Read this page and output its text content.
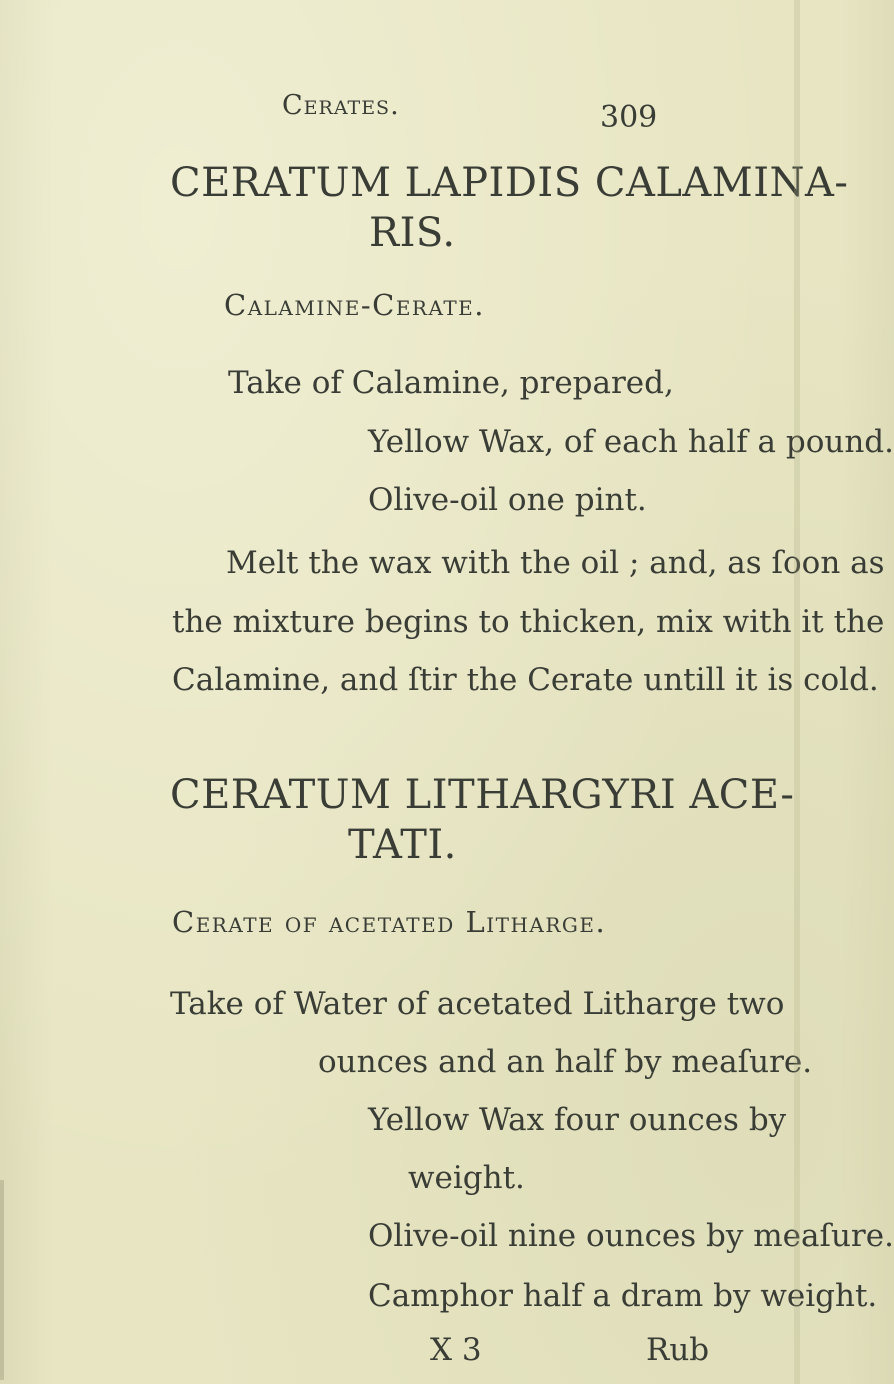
Cerates.	309
CERATUM LAPIDIS CALAMINA-
RIS.
Calamine-Cerate.
Take of Calamine, prepared,
Yellow Wax, of each half a pound.
Olive-oil one pint.
Melt the wax with the oil ; and, as ſoon as
the mixture begins to thicken, mix with it the
Calamine, and ſtir the Cerate untill it is cold.
CERATUM LITHARGYRI ACE-
TATI.
Cerate of acetated Litharge.
Take of Water of acetated Litharge two
ounces and an half by meaſure.
Yellow Wax four ounces by
weight.
Olive-oil nine ounces by meaſure.
Camphor half a dram by weight.
X 3	Rub
